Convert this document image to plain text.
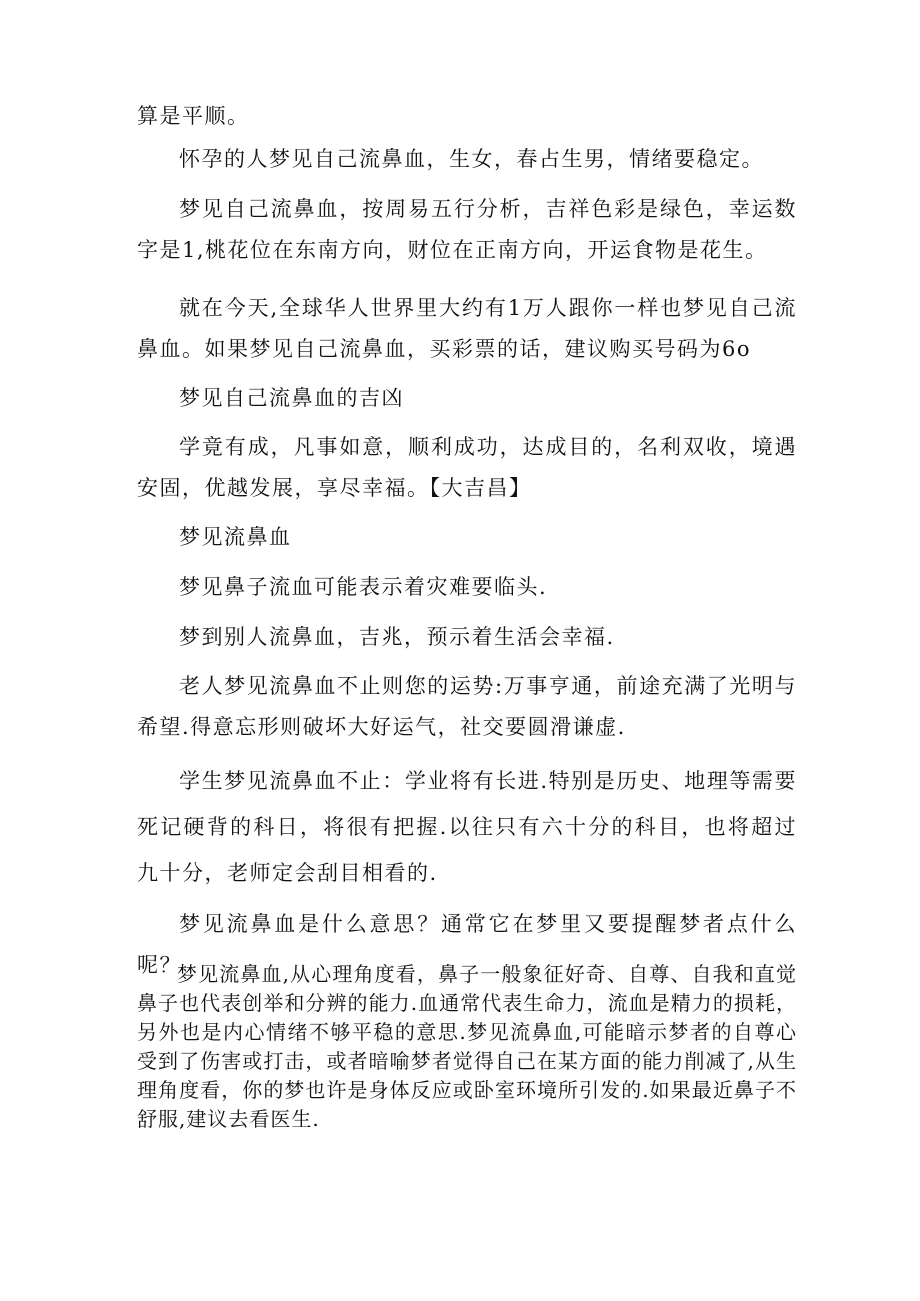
算是平顺。

怀孕的人梦见自己流鼻血，生女，春占生男，情绪要稳定。

梦见自己流鼻血，按周易五行分析，吉祥色彩是绿色，幸运数字是1,桃花位在东南方向，财位在正南方向，开运食物是花生。

就在今天,全球华人世界里大约有1万人跟你一样也梦见自己流鼻血。如果梦见自己流鼻血，买彩票的话，建议购买号码为6o

梦见自己流鼻血的吉凶

学竟有成，凡事如意，顺利成功，达成目的，名利双收，境遇安固，优越发展，享尽幸福。【大吉昌】

梦见流鼻血

梦见鼻子流血可能表示着灾难要临头.

梦到别人流鼻血，吉兆，预示着生活会幸福.

老人梦见流鼻血不止则您的运势:万事亨通，前途充满了光明与希望.得意忘形则破坏大好运气，社交要圆滑谦虚.

学生梦见流鼻血不止：学业将有长进.特别是历史、地理等需要死记硬背的科日，将很有把握.以往只有六十分的科目，也将超过九十分，老师定会刮目相看的.

梦见流鼻血是什么意思？通常它在梦里又要提醒梦者点什么呢？

梦见流鼻血,从心理角度看，鼻子一般象征好奇、自尊、自我和直觉鼻子也代表创举和分辨的能力.血通常代表生命力，流血是精力的损耗，另外也是内心情绪不够平稳的意思.梦见流鼻血,可能暗示梦者的自尊心受到了伤害或打击，或者暗喻梦者觉得自己在某方面的能力削减了,从生理角度看，你的梦也许是身体反应或卧室环境所引发的.如果最近鼻子不舒服,建议去看医生.
